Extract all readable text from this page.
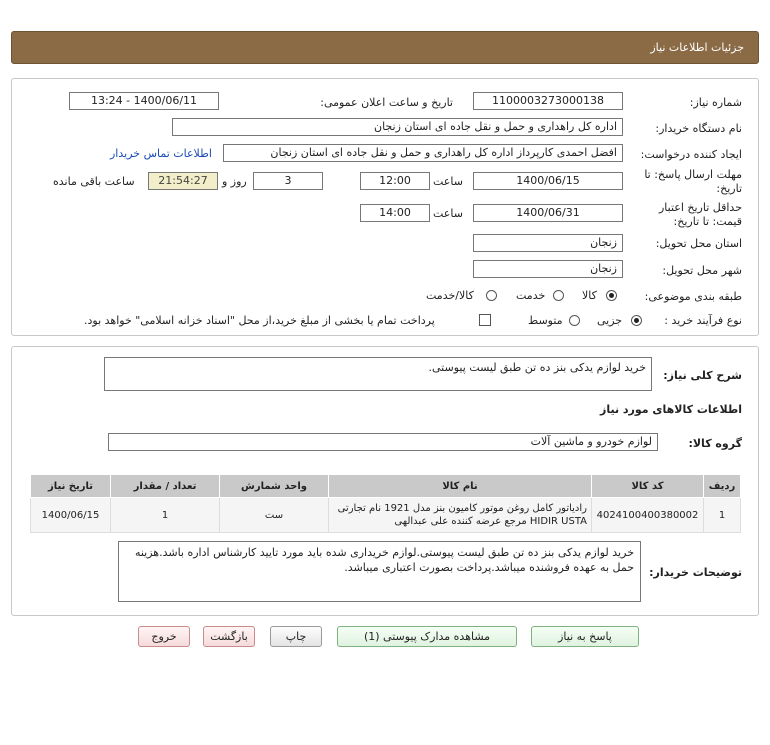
جزئیات اطلاعات نیاز
شماره نیاز:
1100003273000138
تاریخ و ساعت اعلان عمومی:
1400/06/11 - 13:24
نام دستگاه خریدار:
اداره کل راهداری و حمل و نقل جاده ای استان زنجان
ایجاد کننده درخواست:
افضل احمدی کارپرداز اداره کل راهداری و حمل و نقل جاده ای استان زنجان
اطلاعات تماس خریدار
مهلت ارسال پاسخ: تا
تاریخ:
1400/06/15
ساعت
12:00
3
روز و
21:54:27
ساعت باقی مانده
حداقل تاریخ اعتبار
قیمت: تا تاریخ:
1400/06/31
ساعت
14:00
استان محل تحویل:
زنجان
شهر محل تحویل:
زنجان
طبقه بندی موضوعی:
کالا
خدمت
کالا/خدمت
نوع فرآیند خرید :
جزیی
متوسط
پرداخت تمام یا بخشی از مبلغ خرید،از محل "اسناد خزانه اسلامی" خواهد بود.
شرح کلی نیاز:
خرید لوازم یدکی بنز ده تن طبق لیست پیوستی.
اطلاعات کالاهای مورد نیاز
گروه کالا:
لوازم خودرو و ماشین آلات
ردیف	کد کالا	نام کالا	واحد شمارش	تعداد / مقدار	تاریخ نیاز
1	4024100400380002	رادیاتور کامل روغن موتور کامیون بنز مدل 1921 نام تجارتی HIDIR USTA مرجع عرضه کننده علی عبدالهی	ست	1	1400/06/15
توضیحات خریدار:
خرید لوازم یدکی بنز ده تن طبق لیست پیوستی.لوازم خریداری شده باید مورد تایید کارشناس اداره باشد.هزینه حمل به عهده فروشنده میباشد.پرداخت بصورت اعتباری میباشد.
پاسخ به نیاز
مشاهده مدارک پیوستی (1)
چاپ
بازگشت
خروج
